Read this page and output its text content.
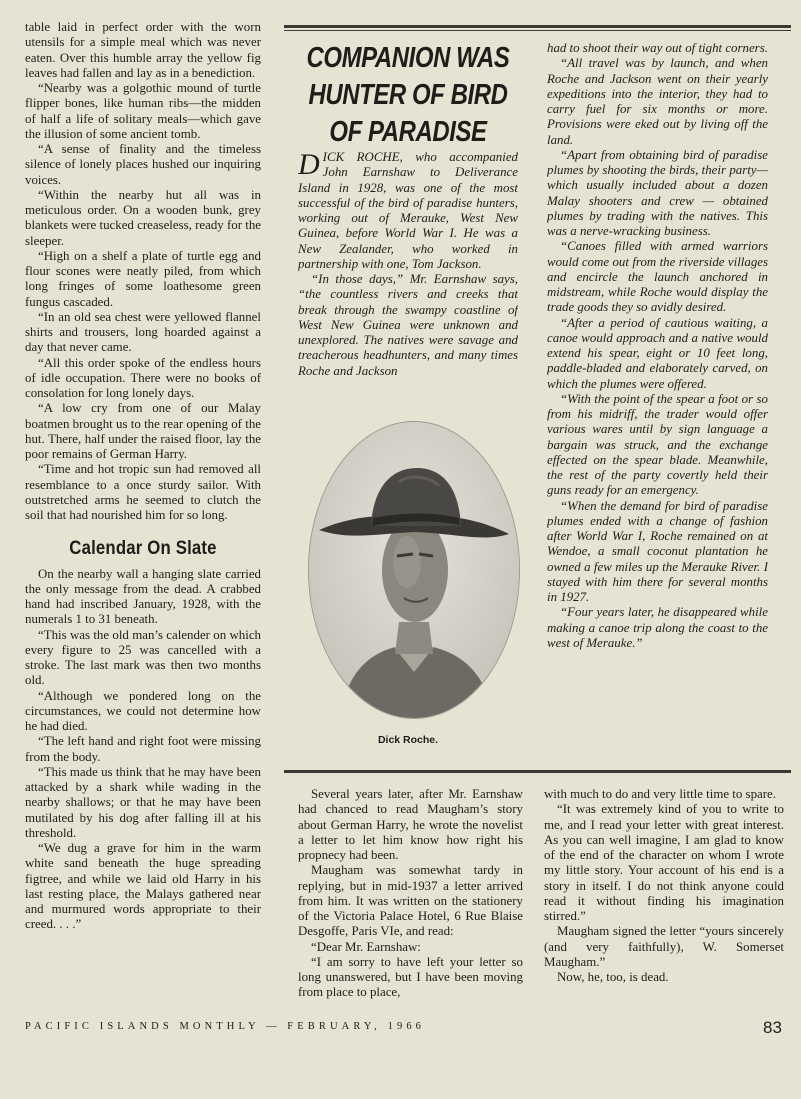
table laid in perfect order with the worn utensils for a simple meal which was never eaten. Over this humble array the yellow fig leaves had fallen and lay as in a benediction.

“Nearby was a golgothic mound of turtle flipper bones, like human ribs—the midden of half a life of solitary meals—which gave the illusion of some ancient tomb.

“A sense of finality and the timeless silence of lonely places hushed our inquiring voices.

“Within the nearby hut all was in meticulous order. On a wooden bunk, grey blankets were tucked creaseless, ready for the sleeper.

“High on a shelf a plate of turtle egg and flour scones were neatly piled, from which long fringes of some loathesome green fungus cascaded.

“In an old sea chest were yellowed flannel shirts and trousers, long hoarded against a day that never came.

“All this order spoke of the endless hours of idle occupation. There were no books of consolation for long lonely days.

“A low cry from one of our Malay boatmen brought us to the rear opening of the hut. There, half under the raised floor, lay the poor remains of German Harry.

“Time and hot tropic sun had removed all resemblance to a once sturdy sailor. With outstretched arms he seemed to clutch the soil that had nourished him for so long.

Calendar On Slate

On the nearby wall a hanging slate carried the only message from the dead. A crabbed hand had inscribed January, 1928, with the numerals 1 to 31 beneath.

“This was the old man’s calender on which every figure to 25 was cancelled with a stroke. The last mark was then two months old.

“Although we pondered long on the circumstances, we could not determine how he had died.

“The left hand and right foot were missing from the body.

“This made us think that he may have been attacked by a shark while wading in the nearby shallows; or that he may have been mutilated by his dog after falling ill at his threshold.

“We dug a grave for him in the warm white sand beneath the huge spreading figtree, and while we laid old Harry in his last resting place, the Malays gathered near and murmured words appropriate to their creed. . . .”

COMPANION WAS HUNTER OF BIRD OF PARADISE

DICK ROCHE, who accompanied John Earnshaw to Deliverance Island in 1928, was one of the most successful of the bird of paradise hunters, working out of Merauke, West New Guinea, before World War I. He was a New Zealander, who worked in partnership with one, Tom Jackson.

“In those days,” Mr. Earnshaw says, “the countless rivers and creeks that break through the swampy coastline of West New Guinea were unknown and unexplored. The natives were savage and treacherous headhunters, and many times Roche and Jackson

Dick Roche.

had to shoot their way out of tight corners.

“All travel was by launch, and when Roche and Jackson went on their yearly expeditions into the interior, they had to carry fuel for six months or more. Provisions were eked out by living off the land.

“Apart from obtaining bird of paradise plumes by shooting the birds, their party—which usually included about a dozen Malay shooters and crew — obtained plumes by trading with the natives. This was a nerve-wracking business.

“Canoes filled with armed warriors would come out from the riverside villages and encircle the launch anchored in midstream, while Roche would display the trade goods they so avidly desired.

“After a period of cautious waiting, a canoe would approach and a native would extend his spear, eight or 10 feet long, paddle-bladed and elaborately carved, on which the plumes were offered.

“With the point of the spear a foot or so from his midriff, the trader would offer various wares until by sign language a bargain was struck, and the exchange effected on the spear blade. Meanwhile, the rest of the party covertly held their guns ready for an emergency.

“When the demand for bird of paradise plumes ended with a change of fashion after World War I, Roche remained on at Wendoe, a small coconut plantation he owned a few miles up the Merauke River. I stayed with him there for several months in 1927.

“Four years later, he disappeared while making a canoe trip along the coast to the west of Merauke.”

Several years later, after Mr. Earnshaw had chanced to read Maugham’s story about German Harry, he wrote the novelist a letter to let him know how right his propnecy had been.

Maugham was somewhat tardy in replying, but in mid-1937 a letter arrived from him. It was written on the stationery of the Victoria Palace Hotel, 6 Rue Blaise Desgoffe, Paris VIe, and read:

“Dear Mr. Earnshaw:

“I am sorry to have left your letter so long unanswered, but I have been moving from place to place,

with much to do and very little time to spare.

“It was extremely kind of you to write to me, and I read your letter with great interest. As you can well imagine, I am glad to know of the end of the character on whom I wrote my little story. Your account of his end is a story in itself. I do not think anyone could read it without finding his imagination stirred.”

Maugham signed the letter “yours sincerely (and very faithfully), W. Somerset Maugham.”

Now, he, too, is dead.

PACIFIC ISLANDS MONTHLY — FEBRUARY, 1966	83
